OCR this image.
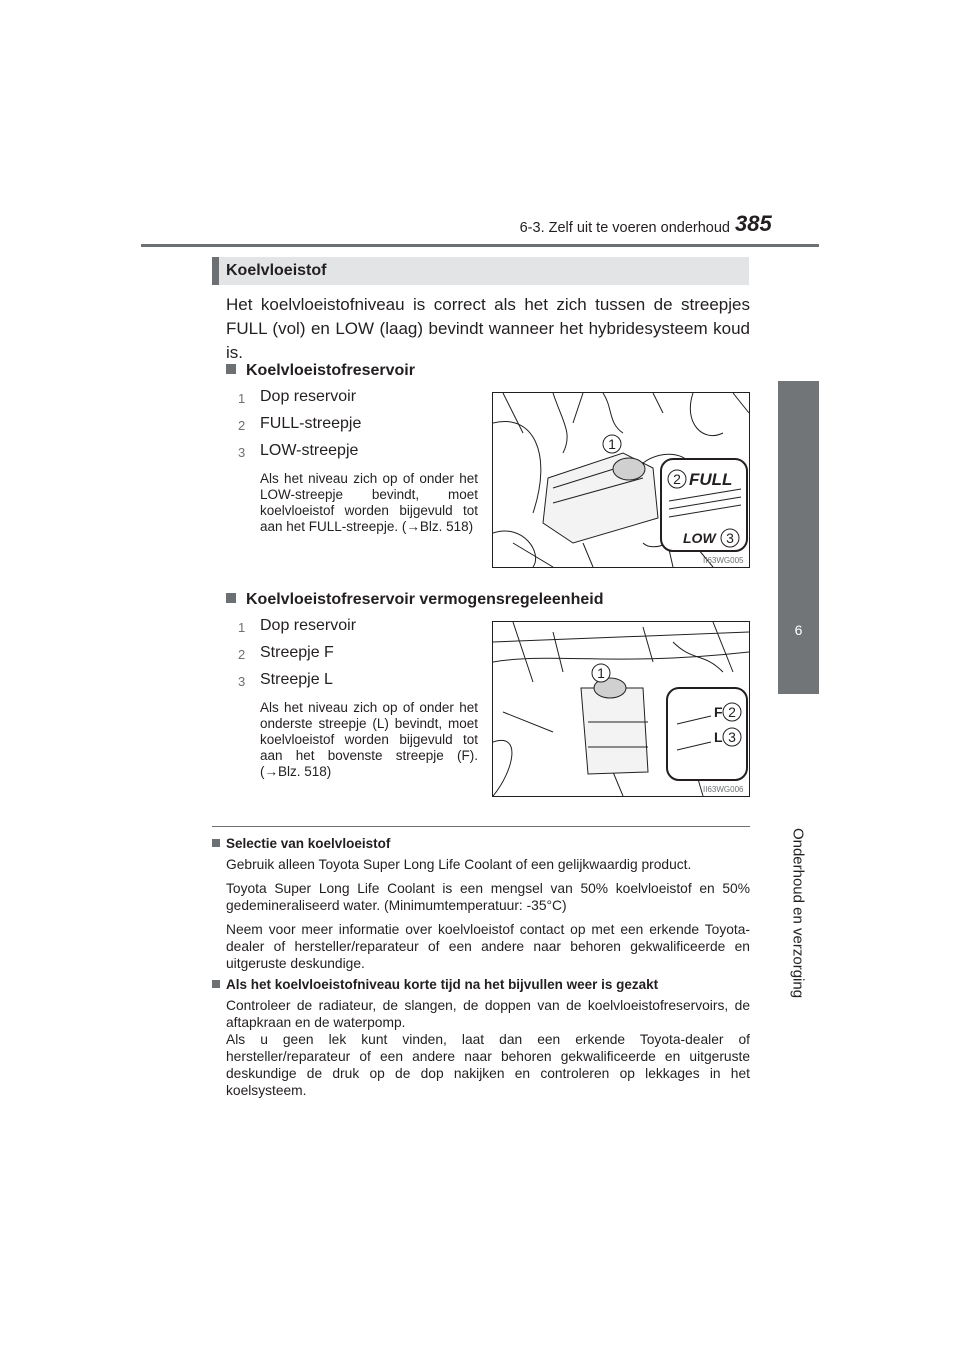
6-3. Zelf uit te voeren onderhoud 385
6
Onderhoud en verzorging
Koelvloeistof
Het koelvloeistofniveau is correct als het zich tussen de streepjes FULL (vol) en LOW (laag) bevindt wanneer het hybridesysteem koud is.
Koelvloeistofreservoir
1 Dop reservoir
2 FULL-streepje
3 LOW-streepje
Als het niveau zich op of onder het LOW-streepje bevindt, moet koelvloeistof worden bijgevuld tot aan het FULL-streepje. (→Blz. 518)
1
2 FULL
LOW 3
II63WG005
Koelvloeistofreservoir vermogensregeleenheid
1 Dop reservoir
2 Streepje F
3 Streepje L
Als het niveau zich op of onder het onderste streepje (L) bevindt, moet koelvloeistof worden bijgevuld tot aan het bovenste streepje (F). (→Blz. 518)
1
F 2
L 3
II63WG006
Selectie van koelvloeistof
Gebruik alleen Toyota Super Long Life Coolant of een gelijkwaardig product.
Toyota Super Long Life Coolant is een mengsel van 50% koelvloeistof en 50% gedemineraliseerd water. (Minimumtemperatuur: -35°C)
Neem voor meer informatie over koelvloeistof contact op met een erkende Toyota-dealer of hersteller/reparateur of een andere naar behoren gekwalificeerde en uitgeruste deskundige.
Als het koelvloeistofniveau korte tijd na het bijvullen weer is gezakt
Controleer de radiateur, de slangen, de doppen van de koelvloeistofreservoirs, de aftapkraan en de waterpomp.
Als u geen lek kunt vinden, laat dan een erkende Toyota-dealer of hersteller/reparateur of een andere naar behoren gekwalificeerde en uitgeruste deskundige de druk op de dop nakijken en controleren op lekkages in het koelsysteem.
